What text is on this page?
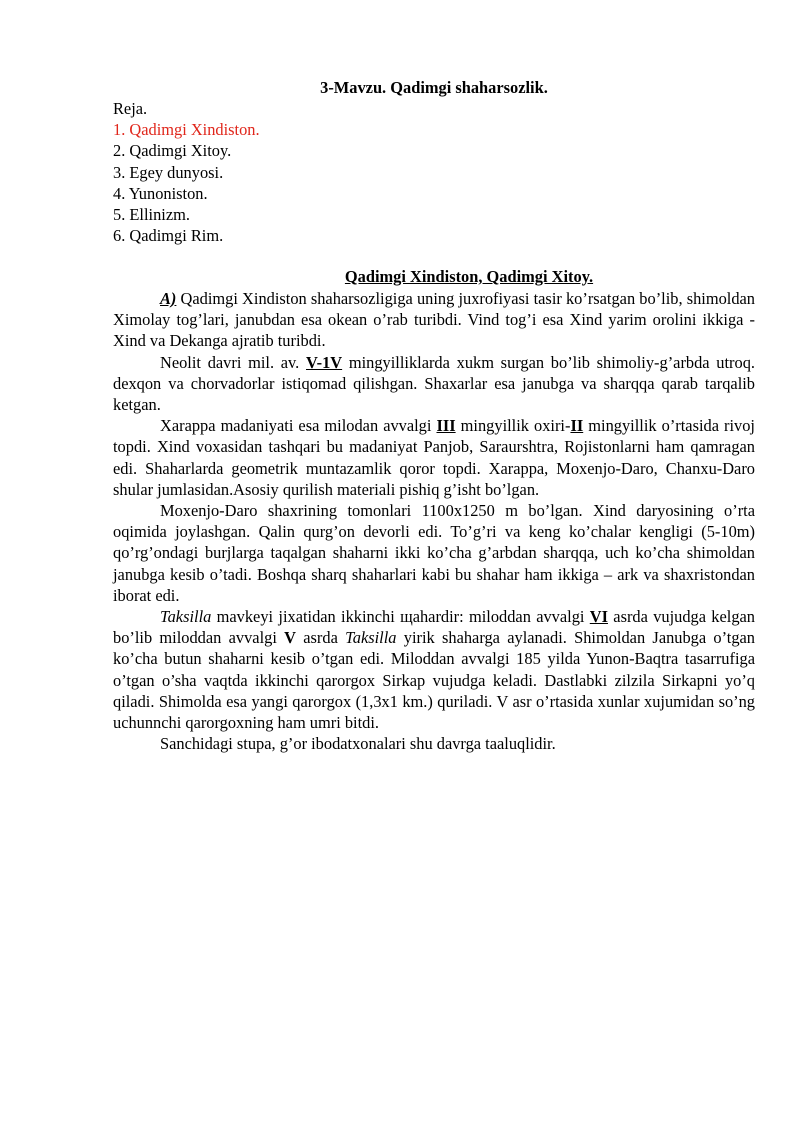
3-Mavzu. Qadimgi shaharsozlik.
Reja.
1. Qadimgi Xindiston.
2. Qadimgi Xitoy.
3. Egey dunyosi.
4. Yunoniston.
5. Ellinizm.
6. Qadimgi Rim.
Qadimgi Xindiston, Qadimgi Xitoy.

A) Qadimgi Xindiston shaharsozligiga uning juxrofiyasi tasir ko’rsatgan bo’lib, shimoldan Ximolay tog’lari, janubdan esa okean o’rab turibdi. Vind tog’i esa Xind yarim orolini ikkiga - Xind va Dekanga ajratib turibdi.

Neolit davri mil. av. V-1V mingyilliklarda xukm surgan bo’lib shimoliy-g’arbda utroq. dexqon va chorvadorlar istiqomad qilishgan. Shaxarlar esa janubga va sharqqa qarab tarqalib ketgan.

Xarappa madaniyati esa milodan avvalgi III mingyillik oxiri-II mingyillik o’rtasida rivoj topdi. Xind voxasidan tashqari bu madaniyat Panjob, Saraurshtra, Rojistonlarni ham qamragan edi. Shaharlarda geometrik muntazamlik qoror topdi. Xarappa, Moxenjo-Daro, Chanxu-Daro shular jumlasidan.Asosiy qurilish materiali pishiq g’isht bo’lgan.

Moxenjo-Daro shaxrining tomonlari 1100x1250 m bo’lgan. Xind daryosining o’rta oqimida joylashgan. Qalin qurg’on devorli edi. To’g’ri va keng ko’chalar kengligi (5-10m) qo’rg’ondagi burjlarga taqalgan shaharni ikki ko’cha g’arbdan sharqqa, uch ko’cha shimoldan janubga kesib o’tadi. Boshqa sharq shaharlari kabi bu shahar ham ikkiga – ark va shaxristondan iborat edi.

Taksilla mavkeyi jixatidan ikkinchi щahardir: miloddan avvalgi VI asrda vujudga kelgan bo’lib miloddan avvalgi V asrda Taksilla yirik shaharga aylanadi. Shimoldan Janubga o’tgan ko’cha butun shaharni kesib o’tgan edi. Miloddan avvalgi 185 yilda Yunon-Baqtra tasarrufiga o’tgan o’sha vaqtda ikkinchi qarorgox Sirkap vujudga keladi. Dastlabki zilzila Sirkapni yo’q qiladi. Shimolda esa yangi qarorgox (1,3x1 km.) quriladi. V asr o’rtasida xunlar xujumidan so’ng uchunnchi qarorgoxning ham umri bitdi.

Sanchidagi stupa, g’or ibodatxonalari shu davrga taaluqlidir.
